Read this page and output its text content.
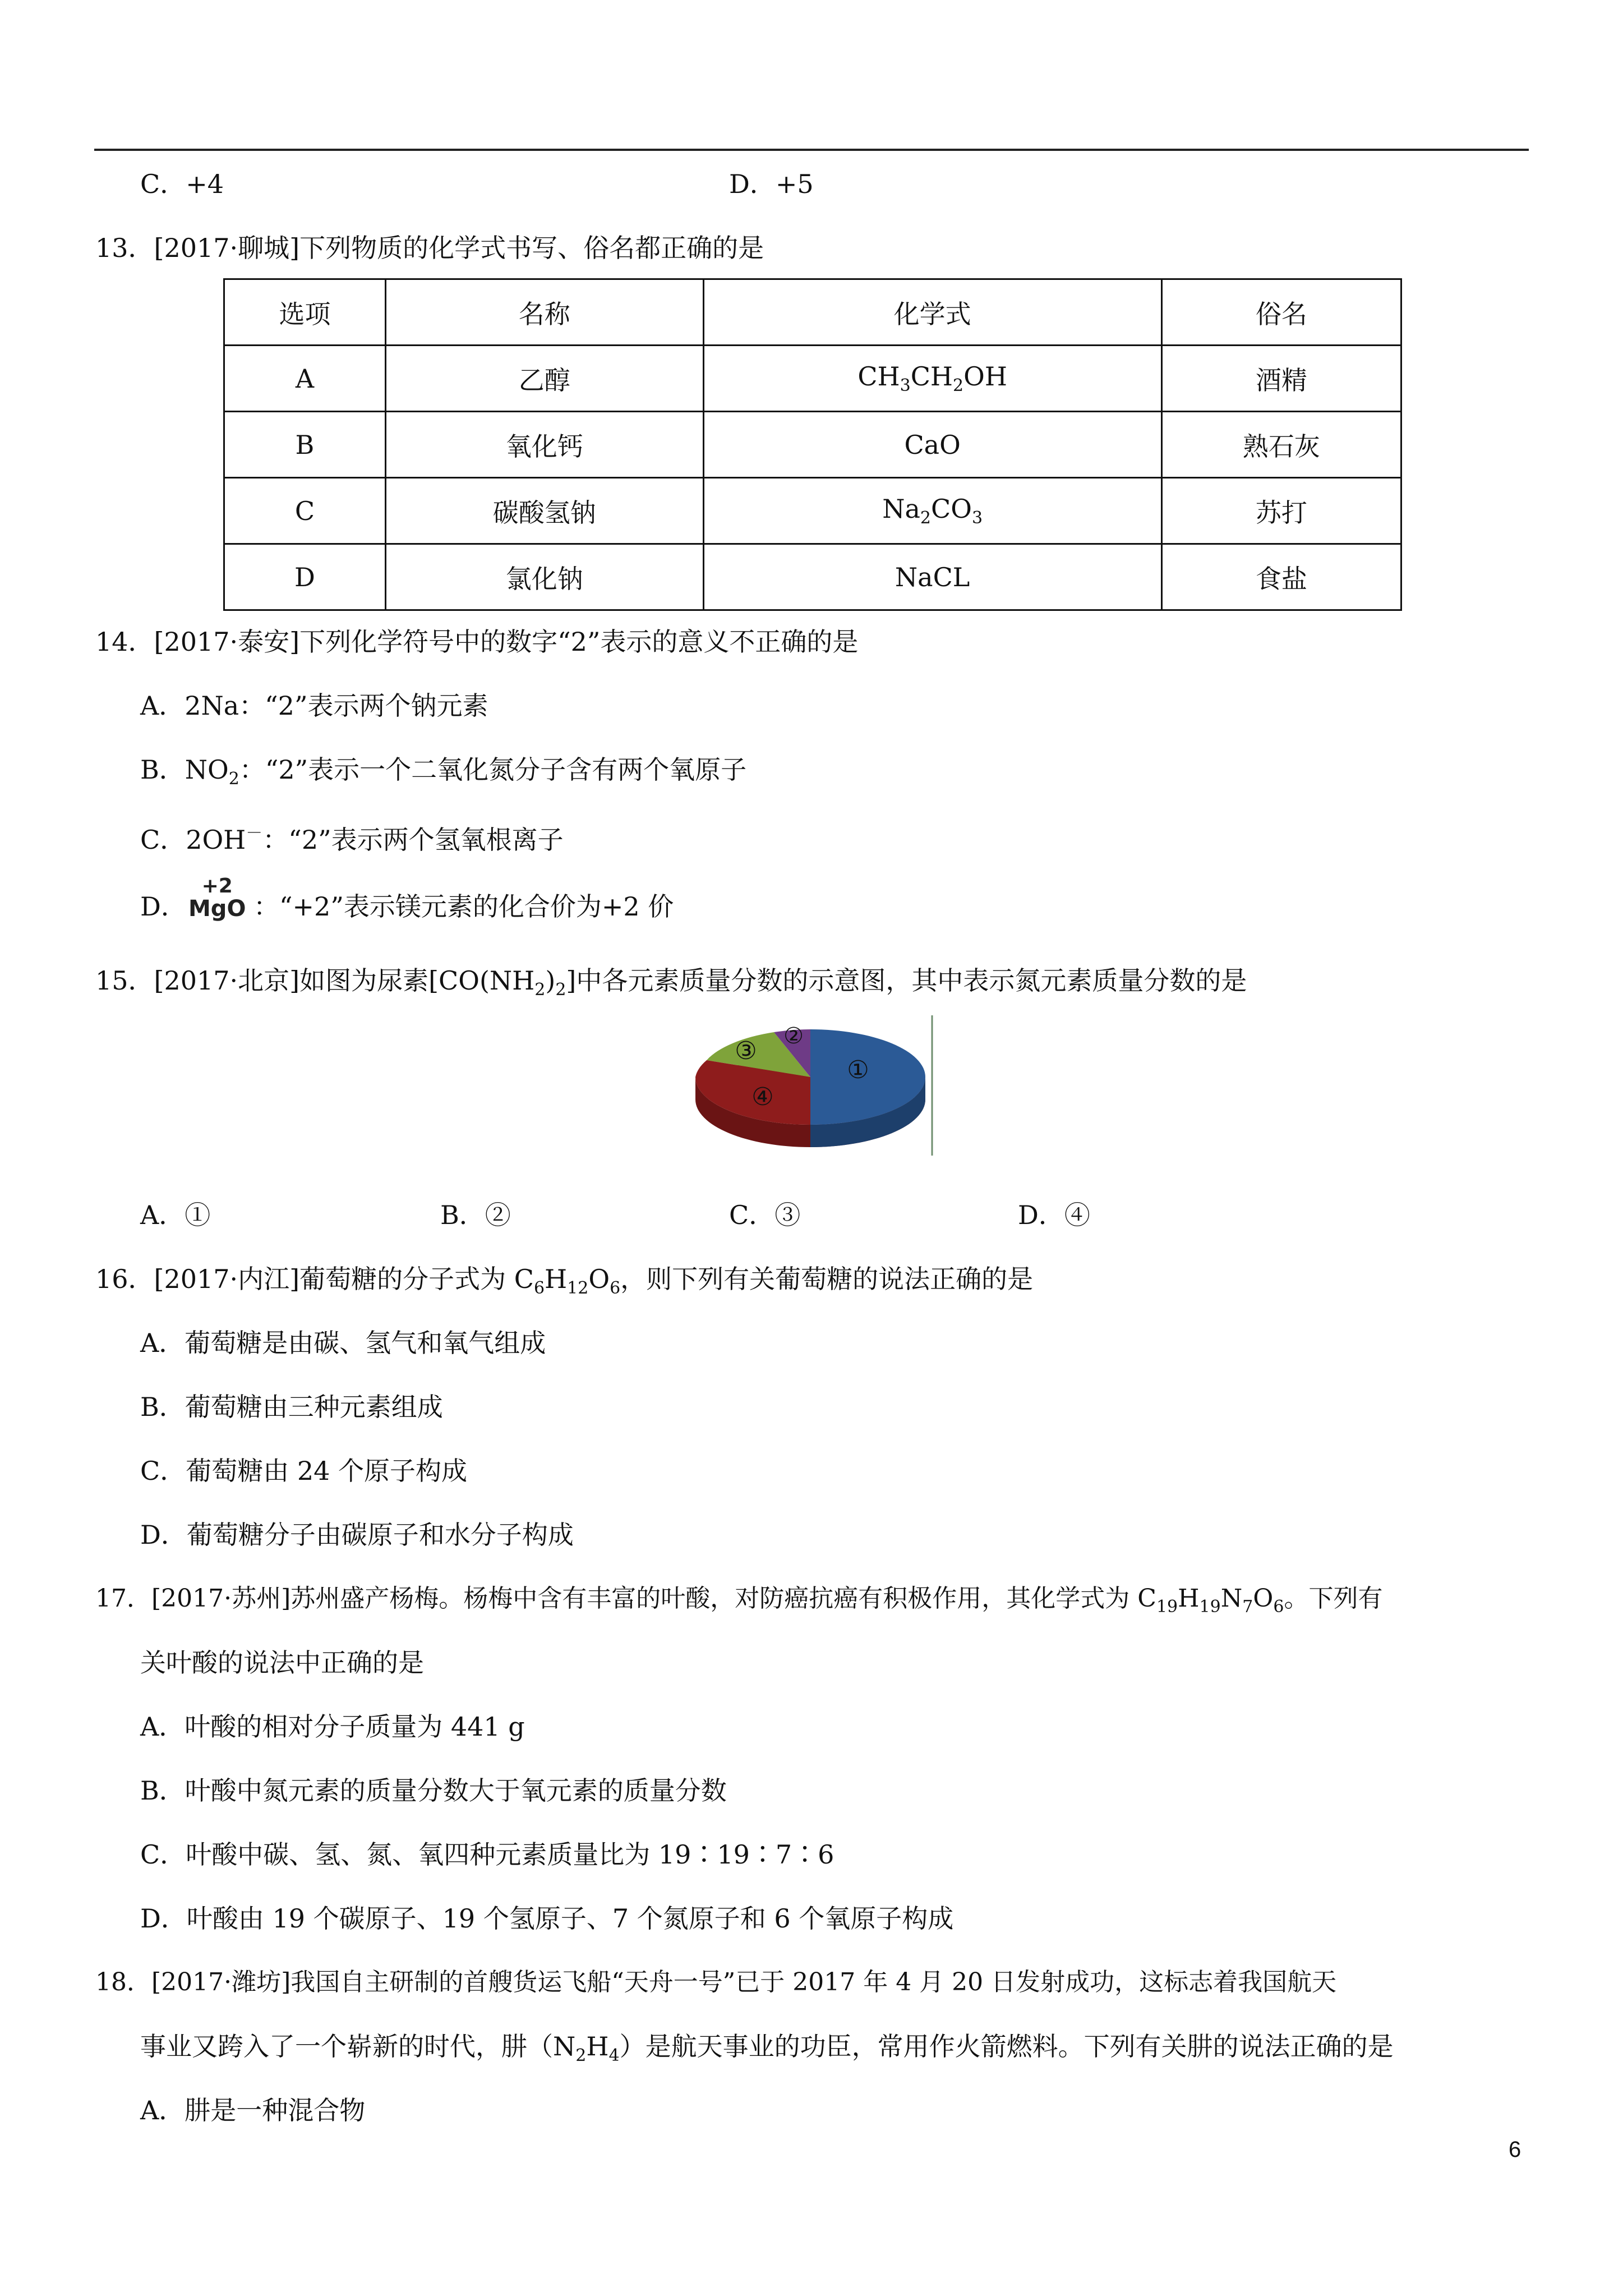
C．+4	D．+5
13．[2017·聊城]下列物质的化学式书写、俗名都正确的是
选项	名称	化学式	俗名
A	乙醇	$CH_3CH_2OH$	酒精
B	氧化钙	CaO	熟石灰
C	碳酸氢钠	$Na_2CO_3$	苏打
D	氯化钠	NaCL	食盐
14．[2017·泰安]下列化学符号中的数字“2”表示的意义不正确的是
A．2Na：“2”表示两个钠元素
B．$NO_2$：“2”表示一个二氧化氮分子含有两个氧原子
C．2OH－：“2”表示两个氢氧根离子
D．
+2
MgO ：“+2”表示镁元素的化合价为+2 价
15．[2017·北京]如图为尿素$[CO(NH_2)_2]$中各元素质量分数的示意图，其中表示氮元素质量分数的是
①
②
③
④
A．①	B．②	C．③	D．④
16．[2017·内江]葡萄糖的分子式为 $C_6H_{12}O_6$，则下列有关葡萄糖的说法正确的是
A．葡萄糖是由碳、氢气和氧气组成
B．葡萄糖由三种元素组成
C．葡萄糖由 24 个原子构成
D．葡萄糖分子由碳原子和水分子构成
17．[2017·苏州]苏州盛产杨梅。杨梅中含有丰富的叶酸，对防癌抗癌有积极作用，其化学式为 $C_{19}H_{19}N_7O_6$。下列有
关叶酸的说法中正确的是
A．叶酸的相对分子质量为 441 g
B．叶酸中氮元素的质量分数大于氧元素的质量分数
C．叶酸中碳、氢、氮、氧四种元素质量比为 19∶19∶7∶6
D．叶酸由 19 个碳原子、19 个氢原子、7 个氮原子和 6 个氧原子构成
18．[2017·潍坊]我国自主研制的首艘货运飞船“天舟一号”已于 2017 年 4 月 20 日发射成功，这标志着我国航天
事业又跨入了一个崭新的时代，肼$(N_2H_4)$是航天事业的功臣，常用作火箭燃料。下列有关肼的说法正确的是
A．肼是一种混合物
6
